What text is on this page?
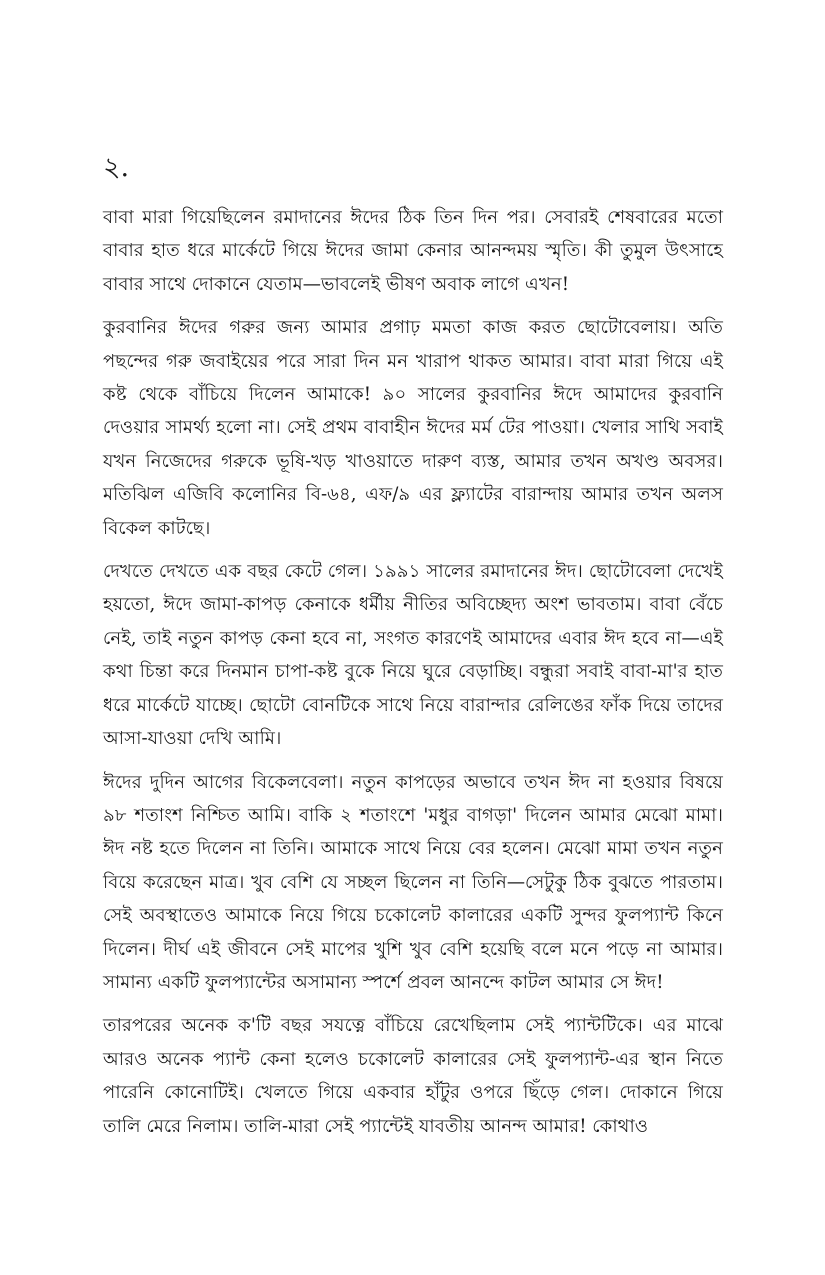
২.

বাবা মারা গিয়েছিলেন রমাদানের ঈদের ঠিক তিন দিন পর। সেবারই শেষবারের মতো বাবার হাত ধরে মার্কেটে গিয়ে ঈদের জামা কেনার আনন্দময় স্মৃতি। কী তুমুল উৎসাহে বাবার সাথে দোকানে যেতাম—ভাবলেই ভীষণ অবাক লাগে এখন!

কুরবানির ঈদের গরুর জন্য আমার প্রগাঢ় মমতা কাজ করত ছোটোবেলায়। অতি পছন্দের গরু জবাইয়ের পরে সারা দিন মন খারাপ থাকত আমার। বাবা মারা গিয়ে এই কষ্ট থেকে বাঁচিয়ে দিলেন আমাকে! ৯০ সালের কুরবানির ঈদে আমাদের কুরবানি দেওয়ার সামর্থ্য হলো না। সেই প্রথম বাবাহীন ঈদের মর্ম টের পাওয়া। খেলার সাথি সবাই যখন নিজেদের গরুকে ভূষি-খড় খাওয়াতে দারুণ ব্যস্ত, আমার তখন অখণ্ড অবসর। মতিঝিল এজিবি কলোনির বি-৬৪, এফ/৯ এর ফ্ল্যাটের বারান্দায় আমার তখন অলস বিকেল কাটছে।

দেখতে দেখতে এক বছর কেটে গেল। ১৯৯১ সালের রমাদানের ঈদ। ছোটোবেলা দেখেই হয়তো, ঈদে জামা-কাপড় কেনাকে ধর্মীয় নীতির অবিচ্ছেদ্য অংশ ভাবতাম। বাবা বেঁচে নেই, তাই নতুন কাপড় কেনা হবে না, সংগত কারণেই আমাদের এবার ঈদ হবে না—এই কথা চিন্তা করে দিনমান চাপা-কষ্ট বুকে নিয়ে ঘুরে বেড়াচ্ছি। বন্ধুরা সবাই বাবা-মা'র হাত ধরে মার্কেটে যাচ্ছে। ছোটো বোনটিকে সাথে নিয়ে বারান্দার রেলিঙের ফাঁক দিয়ে তাদের আসা-যাওয়া দেখি আমি।

ঈদের দুদিন আগের বিকেলবেলা। নতুন কাপড়ের অভাবে তখন ঈদ না হওয়ার বিষয়ে ৯৮ শতাংশ নিশ্চিত আমি। বাকি ২ শতাংশে 'মধুর বাগড়া' দিলেন আমার মেঝো মামা। ঈদ নষ্ট হতে দিলেন না তিনি। আমাকে সাথে নিয়ে বের হলেন। মেঝো মামা তখন নতুন বিয়ে করেছেন মাত্র। খুব বেশি যে সচ্ছল ছিলেন না তিনি—সেটুকু ঠিক বুঝতে পারতাম। সেই অবস্থাতেও আমাকে নিয়ে গিয়ে চকোলেট কালারের একটি সুন্দর ফুলপ্যান্ট কিনে দিলেন। দীর্ঘ এই জীবনে সেই মাপের খুশি খুব বেশি হয়েছি বলে মনে পড়ে না আমার। সামান্য একটি ফুলপ্যান্টের অসামান্য স্পর্শে প্রবল আনন্দে কাটল আমার সে ঈদ!

তারপরের অনেক ক'টি বছর সযত্নে বাঁচিয়ে রেখেছিলাম সেই প্যান্টটিকে। এর মাঝে আরও অনেক প্যান্ট কেনা হলেও চকোলেট কালারের সেই ফুলপ্যান্ট-এর স্থান নিতে পারেনি কোনোটিই। খেলতে গিয়ে একবার হাঁটুর ওপরে ছিঁড়ে গেল। দোকানে গিয়ে তালি মেরে নিলাম। তালি-মারা সেই প্যান্টেই যাবতীয় আনন্দ আমার! কোথাও
